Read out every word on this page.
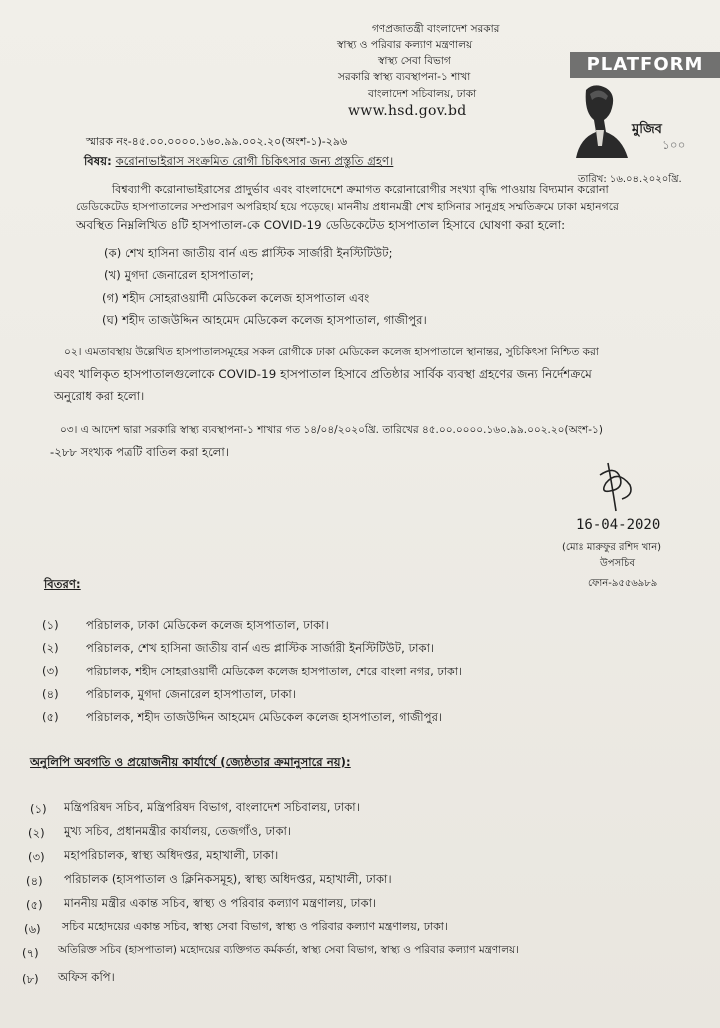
গণপ্রজাতন্ত্রী বাংলাদেশ সরকার
স্বাস্থ্য ও পরিবার কল্যাণ মন্ত্রণালয়
স্বাস্থ্য সেবা বিভাগ
সরকারি স্বাস্থ্য ব্যবস্থাপনা-১ শাখা
বাংলাদেশ সচিবালয়, ঢাকা
www.hsd.gov.bd
PLATFORM
মুজিব
১০০
স্মারক নং-৪৫.০০.০০০০.১৬০.৯৯.০০২.২০(অংশ-১)-২৯৬
তারিখ: ১৬.০৪.২০২০খ্রি.
বিষয়: করোনাভাইরাস সংক্রমিত রোগী চিকিৎসার জন্য প্রস্তুতি গ্রহণ।
বিশ্বব্যাপী করোনাভাইরাসের প্রাদুর্ভাব এবং বাংলাদেশে ক্রমাগত করোনারোগীর সংখ্যা বৃদ্ধি পাওয়ায় বিদ্যমান করোনা
ডেডিকেটেড হাসপাতালের সম্প্রসারণ অপরিহার্য হয়ে পড়েছে। মাননীয় প্রধানমন্ত্রী শেখ হাসিনার সানুগ্রহ সম্মতিক্রমে ঢাকা মহানগরে
অবস্থিত নিম্নলিখিত ৪টি হাসপাতাল-কে COVID-19 ডেডিকেটেড হাসপাতাল হিসাবে ঘোষণা করা হলো:
(ক) শেখ হাসিনা জাতীয় বার্ন এন্ড প্লাস্টিক সার্জারী ইনস্টিটিউট;
(খ) মুগদা জেনারেল হাসপাতাল;
(গ) শহীদ সোহরাওয়ার্দী মেডিকেল কলেজ হাসপাতাল এবং
(ঘ) শহীদ তাজউদ্দিন আহমেদ মেডিকেল কলেজ হাসপাতাল, গাজীপুর।
০২। এমতাবস্থায় উল্লেখিত হাসপাতালসমূহের সকল রোগীকে ঢাকা মেডিকেল কলেজ হাসপাতালে স্থানান্তর, সুচিকিৎসা নিশ্চিত করা
এবং খালিকৃত হাসপাতালগুলোকে COVID-19 হাসপাতাল হিসাবে প্রতিষ্ঠার সার্বিক ব্যবস্থা গ্রহণের জন্য নির্দেশক্রমে
অনুরোধ করা হলো।
০৩। এ আদেশ দ্বারা সরকারি স্বাস্থ্য ব্যবস্থাপনা-১ শাখার গত ১৪/০৪/২০২০খ্রি. তারিখের ৪৫.০০.০০০০.১৬০.৯৯.০০২.২০(অংশ-১)
-২৮৮ সংখ্যক পত্রটি বাতিল করা হলো।
16-04-2020
(মোঃ মারুফুর রশিদ খান)
উপসচিব
ফোন-৯৫৫৬৯৮৯
বিতরণ:
(১) পরিচালক, ঢাকা মেডিকেল কলেজ হাসপাতাল, ঢাকা।
(২) পরিচালক, শেখ হাসিনা জাতীয় বার্ন এন্ড প্লাস্টিক সার্জারী ইনস্টিটিউট, ঢাকা।
(৩) পরিচালক, শহীদ সোহরাওয়ার্দী মেডিকেল কলেজ হাসপাতাল, শেরে বাংলা নগর, ঢাকা।
(৪) পরিচালক, মুগদা জেনারেল হাসপাতাল, ঢাকা।
(৫) পরিচালক, শহীদ তাজউদ্দিন আহমেদ মেডিকেল কলেজ হাসপাতাল, গাজীপুর।
অনুলিপি অবগতি ও প্রয়োজনীয় কার্যার্থে (জ্যেষ্ঠতার ক্রমানুসারে নয়):
(১) মন্ত্রিপরিষদ সচিব, মন্ত্রিপরিষদ বিভাগ, বাংলাদেশ সচিবালয়, ঢাকা।
(২) মুখ্য সচিব, প্রধানমন্ত্রীর কার্যালয়, তেজগাঁও, ঢাকা।
(৩) মহাপরিচালক, স্বাস্থ্য অধিদপ্তর, মহাখালী, ঢাকা।
(৪) পরিচালক (হাসপাতাল ও ক্লিনিকসমূহ), স্বাস্থ্য অধিদপ্তর, মহাখালী, ঢাকা।
(৫) মাননীয় মন্ত্রীর একান্ত সচিব, স্বাস্থ্য ও পরিবার কল্যাণ মন্ত্রণালয়, ঢাকা।
(৬) সচিব মহোদয়ের একান্ত সচিব, স্বাস্থ্য সেবা বিভাগ, স্বাস্থ্য ও পরিবার কল্যাণ মন্ত্রণালয়, ঢাকা।
(৭) অতিরিক্ত সচিব (হাসপাতাল) মহোদয়ের ব্যক্তিগত কর্মকর্তা, স্বাস্থ্য সেবা বিভাগ, স্বাস্থ্য ও পরিবার কল্যাণ মন্ত্রণালয়।
(৮) অফিস কপি।
